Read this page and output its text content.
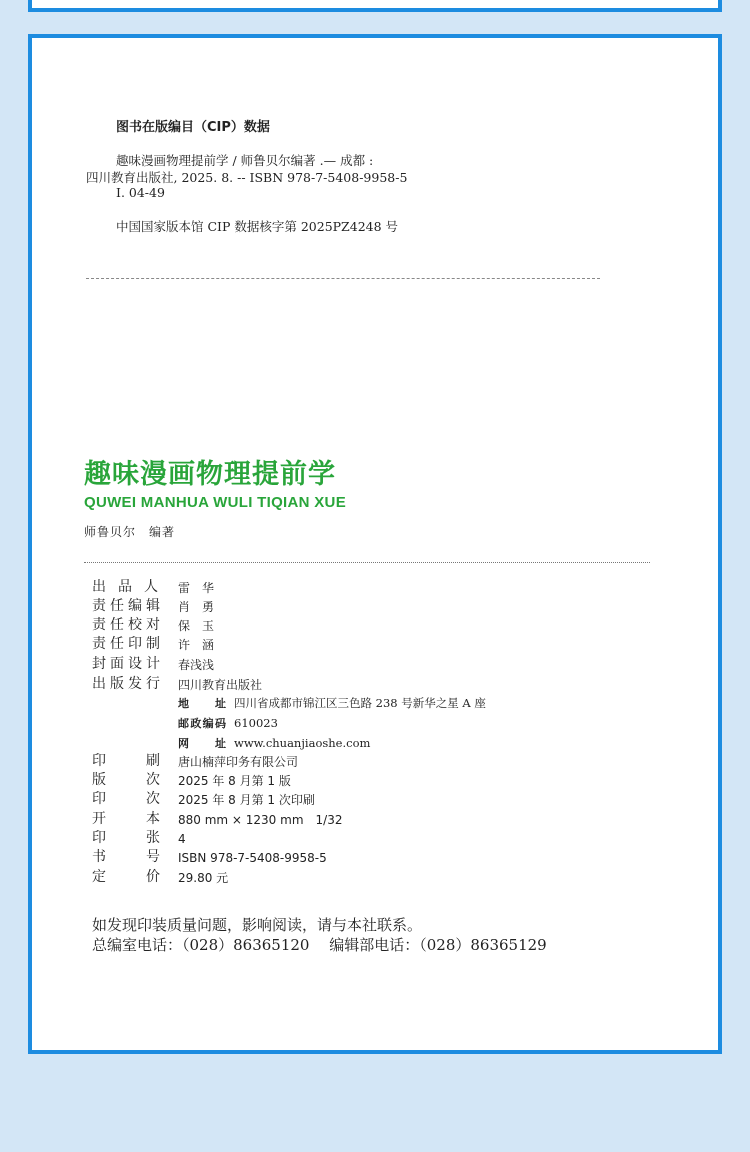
图书在版编目（CIP）数据
趣味漫画物理提前学 / 师鲁贝尔编著 .— 成都 :
四川教育出版社, 2025. 8. -- ISBN 978-7-5408-9958-5
Ⅰ. 04-49
中国国家版本馆 CIP 数据核字第 2025PZ4248 号
趣味漫画物理提前学
QUWEI MANHUA WULI TIQIAN XUE
师鲁贝尔　编著
出 品 人 雷　华
责 任 编 辑 肖　勇
责 任 校 对 保　玉
责 任 印 制 许　涵
封 面 设 计 春浅浅
出 版 发 行 四川教育出版社
地 址 四川省成都市锦江区三色路 238 号新华之星 A 座
邮 政 编 码 610023
网 址 www.chuanjiaoshe.com
印	刷 唐山楠萍印务有限公司
版	次 2025 年 8 月第 1 版
印	次 2025 年 8 月第 1 次印刷
开	本 880 mm × 1230 mm　1/32
印	张 4
书	号 ISBN 978-7-5408-9958-5
定	价 29.80 元
如发现印装质量问题，影响阅读，请与本社联系。
总编室电话：（028）86365120　 编辑部电话：（028）86365129
